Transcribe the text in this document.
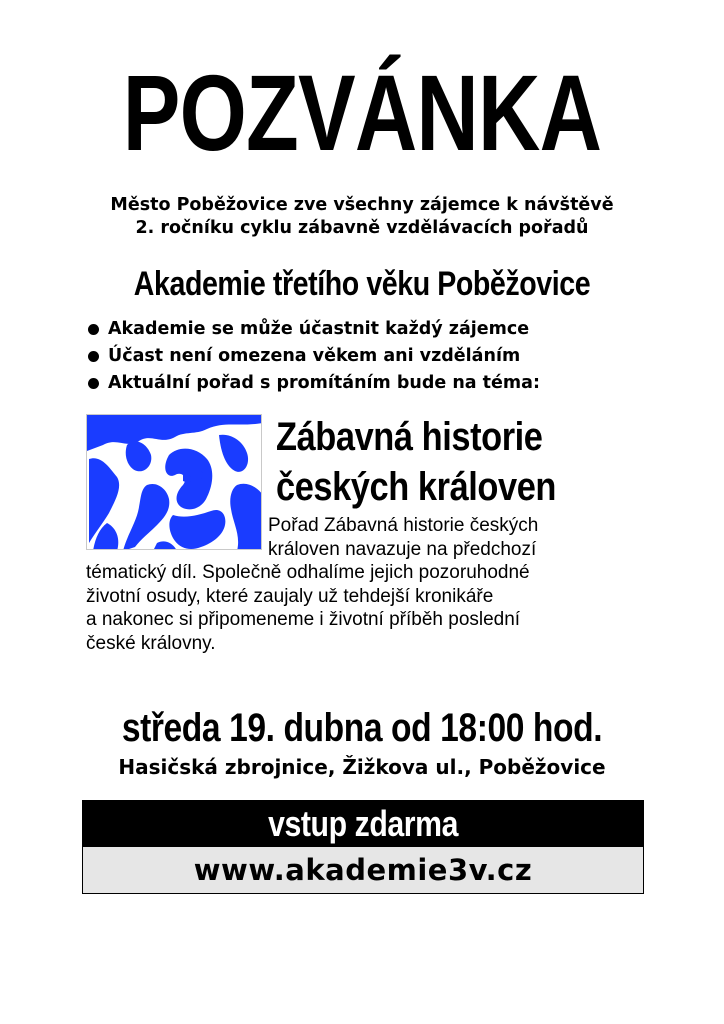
POZVÁNKA
Město Poběžovice zve všechny zájemce k návštěvě
2. ročníku cyklu zábavně vzdělávacích pořadů
Akademie třetího věku Poběžovice
Akademie se může účastnit každý zájemce
Účast není omezena věkem ani vzděláním
Aktuální pořad s promítáním bude na téma:
Zábavná historie
českých královen
Pořad Zábavná historie českých
královen navazuje na předchozí
tématický díl. Společně odhalíme jejich pozoruhodné
životní osudy, které zaujaly už tehdejší kronikáře
a nakonec si připomeneme i životní příběh poslední
české královny.
středa 19. dubna od 18:00 hod.
Hasičská zbrojnice, Žižkova ul., Poběžovice
vstup zdarma
www.akademie3v.cz
